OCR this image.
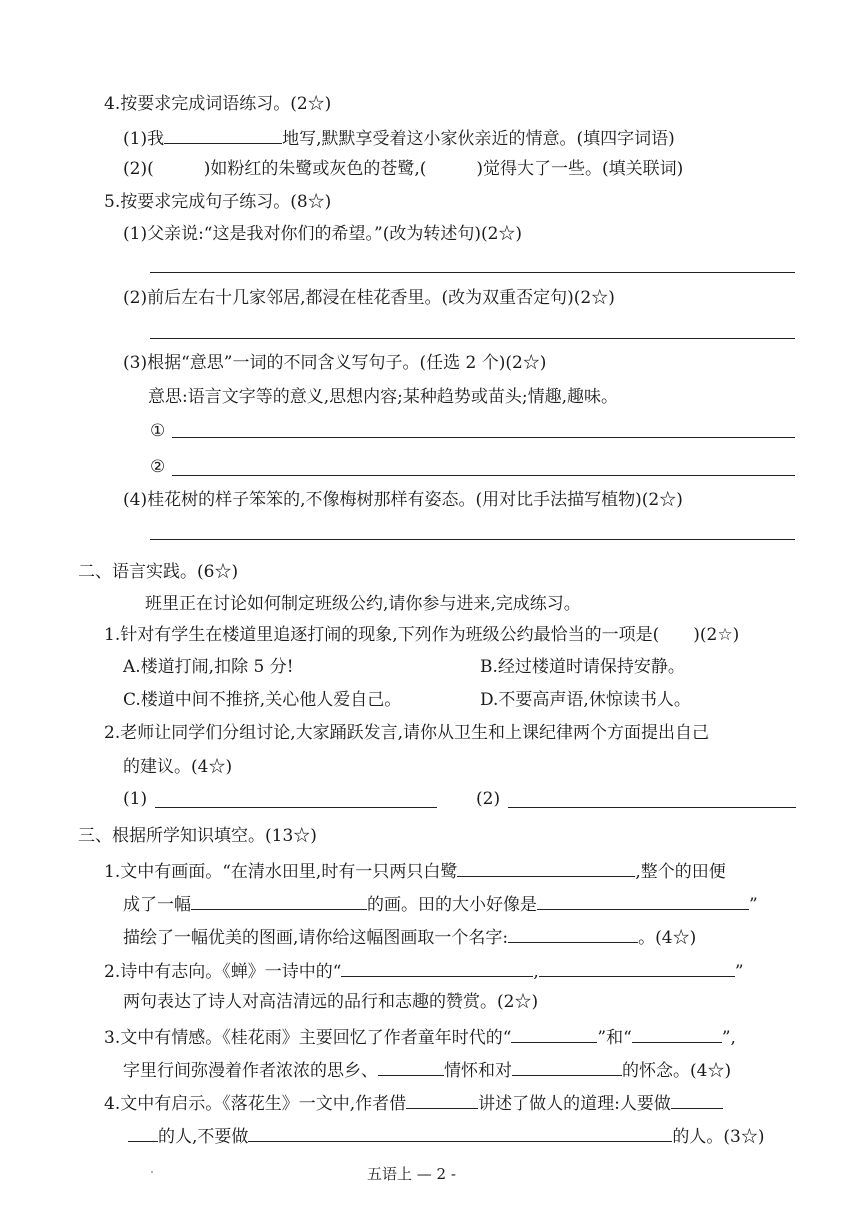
4.按要求完成词语练习。(2☆)
(1)我	地写,默默享受着这小家伙亲近的情意。(填四字词语)
(2)(	)如粉红的朱鹭或灰色的苍鹭,(	)觉得大了一些。(填关联词)
5.按要求完成句子练习。(8☆)
(1)父亲说:“这是我对你们的希望。”(改为转述句)(2☆)
(2)前后左右十几家邻居,都浸在桂花香里。(改为双重否定句)(2☆)
(3)根据“意思”一词的不同含义写句子。(任选 2 个)(2☆)
意思:语言文字等的意义,思想内容;某种趋势或苗头;情趣,趣味。
①
②
(4)桂花树的样子笨笨的,不像梅树那样有姿态。(用对比手法描写植物)(2☆)
二、语言实践。(6☆)
班里正在讨论如何制定班级公约,请你参与进来,完成练习。
1.针对有学生在楼道里追逐打闹的现象,下列作为班级公约最恰当的一项是( )(2☆)
A.楼道打闹,扣除 5 分!	B.经过楼道时请保持安静。
C.楼道中间不推挤,关心他人爱自己。	D.不要高声语,休惊读书人。
2.老师让同学们分组讨论,大家踊跃发言,请你从卫生和上课纪律两个方面提出自己
的建议。(4☆)
(1)	(2)
三、根据所学知识填空。(13☆)
1.文中有画面。“在清水田里,时有一只两只白鹭	,整个的田便
成了一幅	的画。田的大小好像是	”
描绘了一幅优美的图画,请你给这幅图画取一个名字:	。(4☆)
2.诗中有志向。《蝉》一诗中的“	,	”
两句表达了诗人对高洁清远的品行和志趣的赞赏。(2☆)
3.文中有情感。《桂花雨》主要回忆了作者童年时代的“	”和“	”,
字里行间弥漫着作者浓浓的思乡、	情怀和对	的怀念。(4☆)
4.文中有启示。《落花生》一文中,作者借	讲述了做人的道理:人要做
的人,不要做	的人。(3☆)
五语上 — 2 -
